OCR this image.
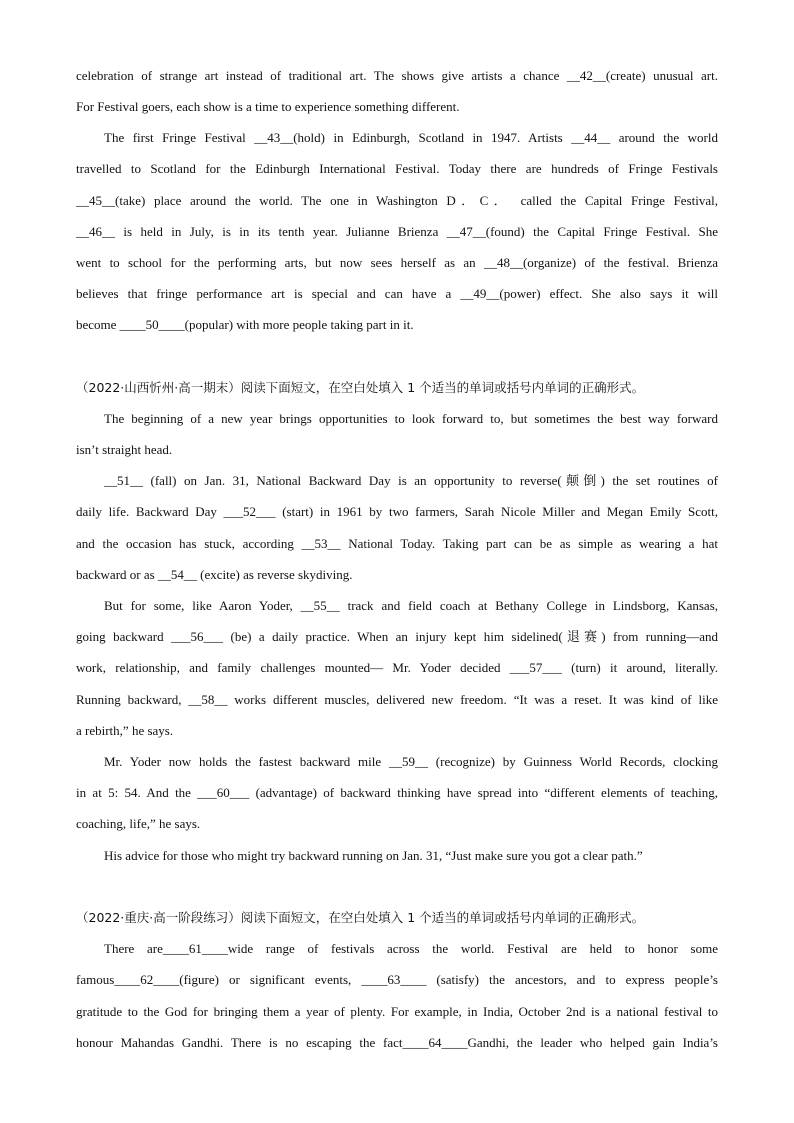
celebration of strange art instead of traditional art. The shows give artists a chance __42__(create) unusual art.
For Festival goers, each show is a time to experience something different.
The first Fringe Festival __43__(hold) in Edinburgh, Scotland in 1947. Artists __44__ around the world
travelled to Scotland for the Edinburgh International Festival. Today there are hundreds of Fringe Festivals
__45__(take) place around the world. The one in Washington D．C． called the Capital Fringe Festival,
__46__ is held in July, is in its tenth year. Julianne Brienza __47__(found) the Capital Fringe Festival. She
went to school for the performing arts, but now sees herself as an __48__(organize) of the festival. Brienza
believes that fringe performance art is special and can have a __49__(power) effect. She also says it will
become ____50____(popular) with more people taking part in it.
（2022·山西忻州·高一期末）阅读下面短文，在空白处填入 1 个适当的单词或括号内单词的正确形式。
The beginning of a new year brings opportunities to look forward to, but sometimes the best way forward
isn’t straight head.
__51__ (fall) on Jan. 31, National Backward Day is an opportunity to reverse(颠倒) the set routines of
daily life. Backward Day ___52___ (start) in 1961 by two farmers, Sarah Nicole Miller and Megan Emily Scott,
and the occasion has stuck, according __53__ National Today. Taking part can be as simple as wearing a hat
backward or as __54__ (excite) as reverse skydiving.
But for some, like Aaron Yoder, __55__ track and field coach at Bethany College in Lindsborg, Kansas,
going backward ___56___ (be) a daily practice. When an injury kept him sidelined(退赛) from running—and
work, relationship, and family challenges mounted— Mr. Yoder decided ___57___ (turn) it around, literally.
Running backward, __58__ works different muscles, delivered new freedom. “It was a reset. It was kind of like
a rebirth,” he says.
Mr. Yoder now holds the fastest backward mile __59__ (recognize) by Guinness World Records, clocking
in at 5: 54. And the ___60___ (advantage) of backward thinking have spread into “different elements of teaching,
coaching, life,” he says.
His advice for those who might try backward running on Jan. 31, “Just make sure you got a clear path.”
（2022·重庆·高一阶段练习）阅读下面短文，在空白处填入 1 个适当的单词或括号内单词的正确形式。
There are____61____wide range of festivals across the world. Festival are held to honor some
famous____62____(figure) or significant events, ____63____ (satisfy) the ancestors, and to express people’s
gratitude to the God for bringing them a year of plenty. For example, in India, October 2nd is a national festival to
honour Mahandas Gandhi. There is no escaping the fact____64____Gandhi, the leader who helped gain India’s
